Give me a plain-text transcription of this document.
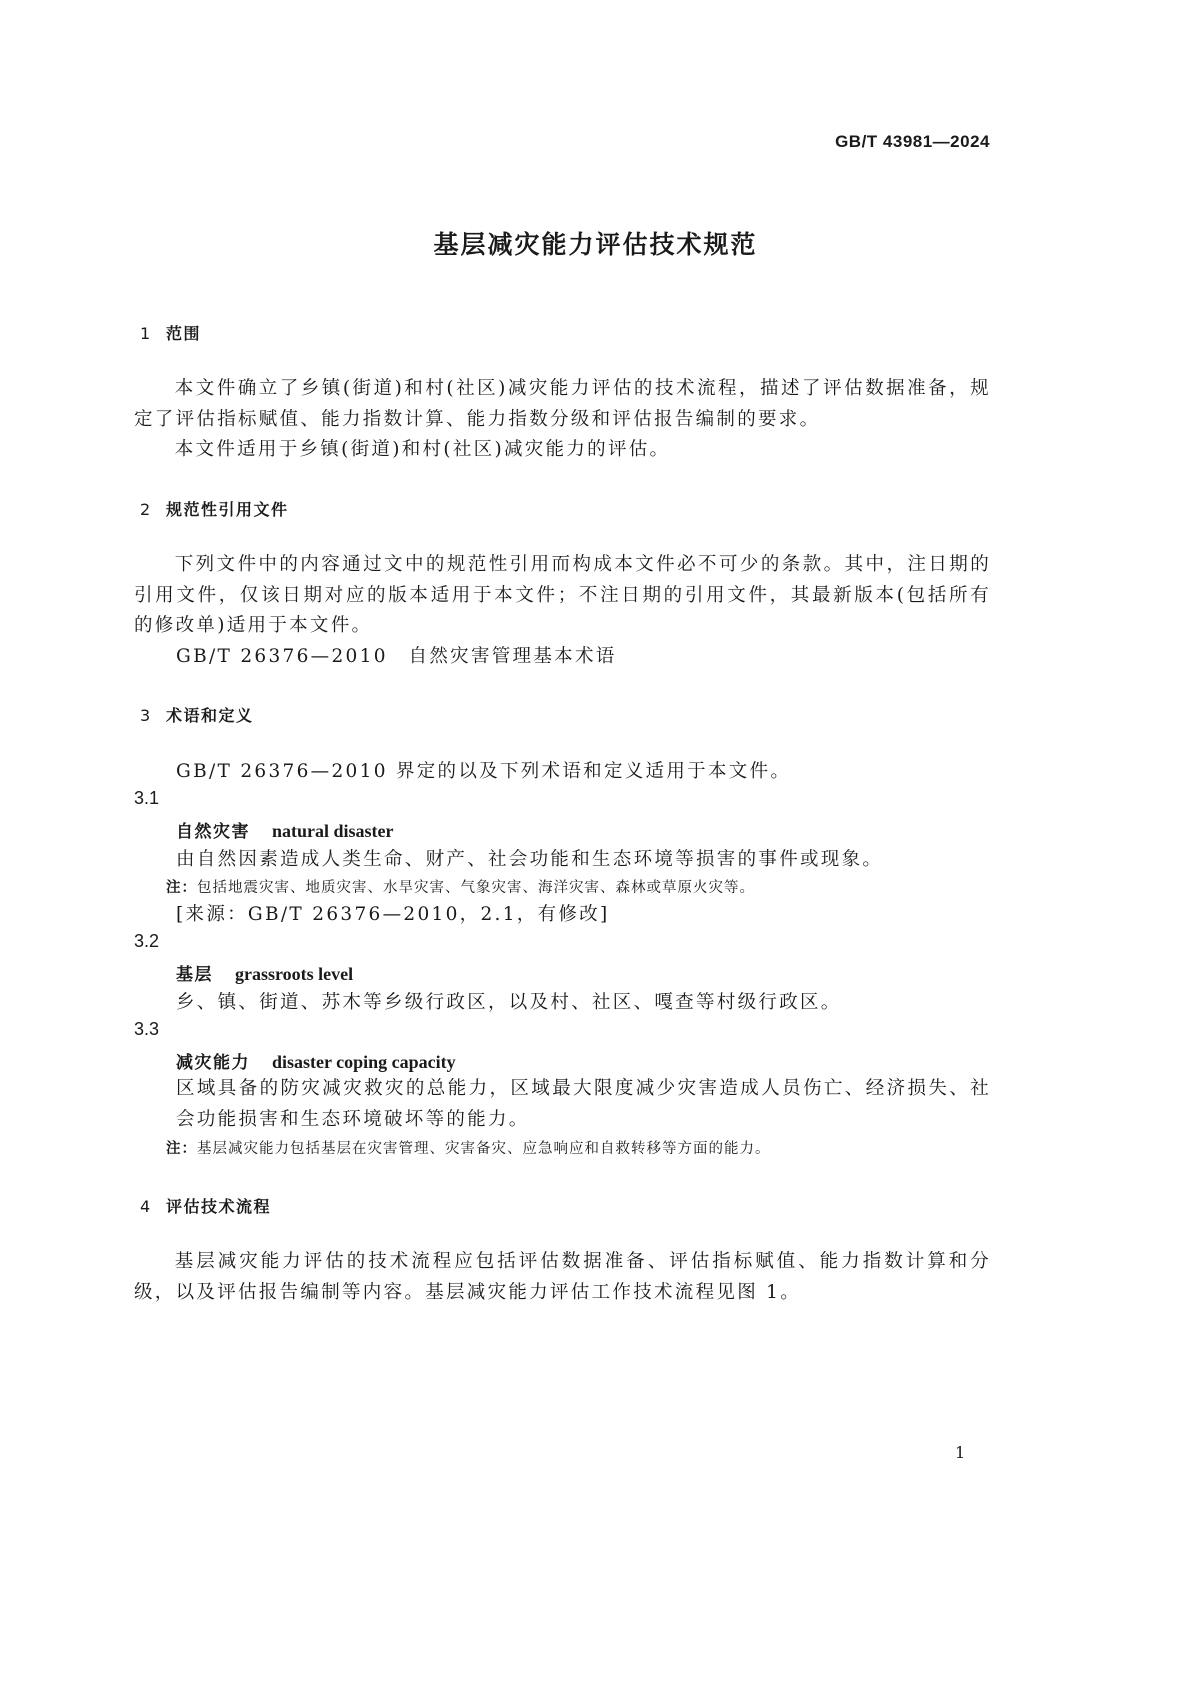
GB/T 43981—2024
基层减灾能力评估技术规范
1 范围
本文件确立了乡镇(街道)和村(社区)减灾能力评估的技术流程，描述了评估数据准备，规定了评估指标赋值、能力指数计算、能力指数分级和评估报告编制的要求。
本文件适用于乡镇(街道)和村(社区)减灾能力的评估。
2 规范性引用文件
下列文件中的内容通过文中的规范性引用而构成本文件必不可少的条款。其中，注日期的引用文件，仅该日期对应的版本适用于本文件；不注日期的引用文件，其最新版本(包括所有的修改单)适用于本文件。
GB/T 26376—2010　自然灾害管理基本术语
3 术语和定义
GB/T 26376—2010 界定的以及下列术语和定义适用于本文件。
3.1
自然灾害 natural disaster
由自然因素造成人类生命、财产、社会功能和生态环境等损害的事件或现象。
注：包括地震灾害、地质灾害、水旱灾害、气象灾害、海洋灾害、森林或草原火灾等。
[来源：GB/T 26376—2010，2.1，有修改]
3.2
基层 grassroots level
乡、镇、街道、苏木等乡级行政区，以及村、社区、嘎查等村级行政区。
3.3
减灾能力 disaster coping capacity
区域具备的防灾减灾救灾的总能力，区域最大限度减少灾害造成人员伤亡、经济损失、社会功能损害和生态环境破坏等的能力。
注：基层减灾能力包括基层在灾害管理、灾害备灾、应急响应和自救转移等方面的能力。
4 评估技术流程
基层减灾能力评估的技术流程应包括评估数据准备、评估指标赋值、能力指数计算和分级，以及评估报告编制等内容。基层减灾能力评估工作技术流程见图 1。
1
